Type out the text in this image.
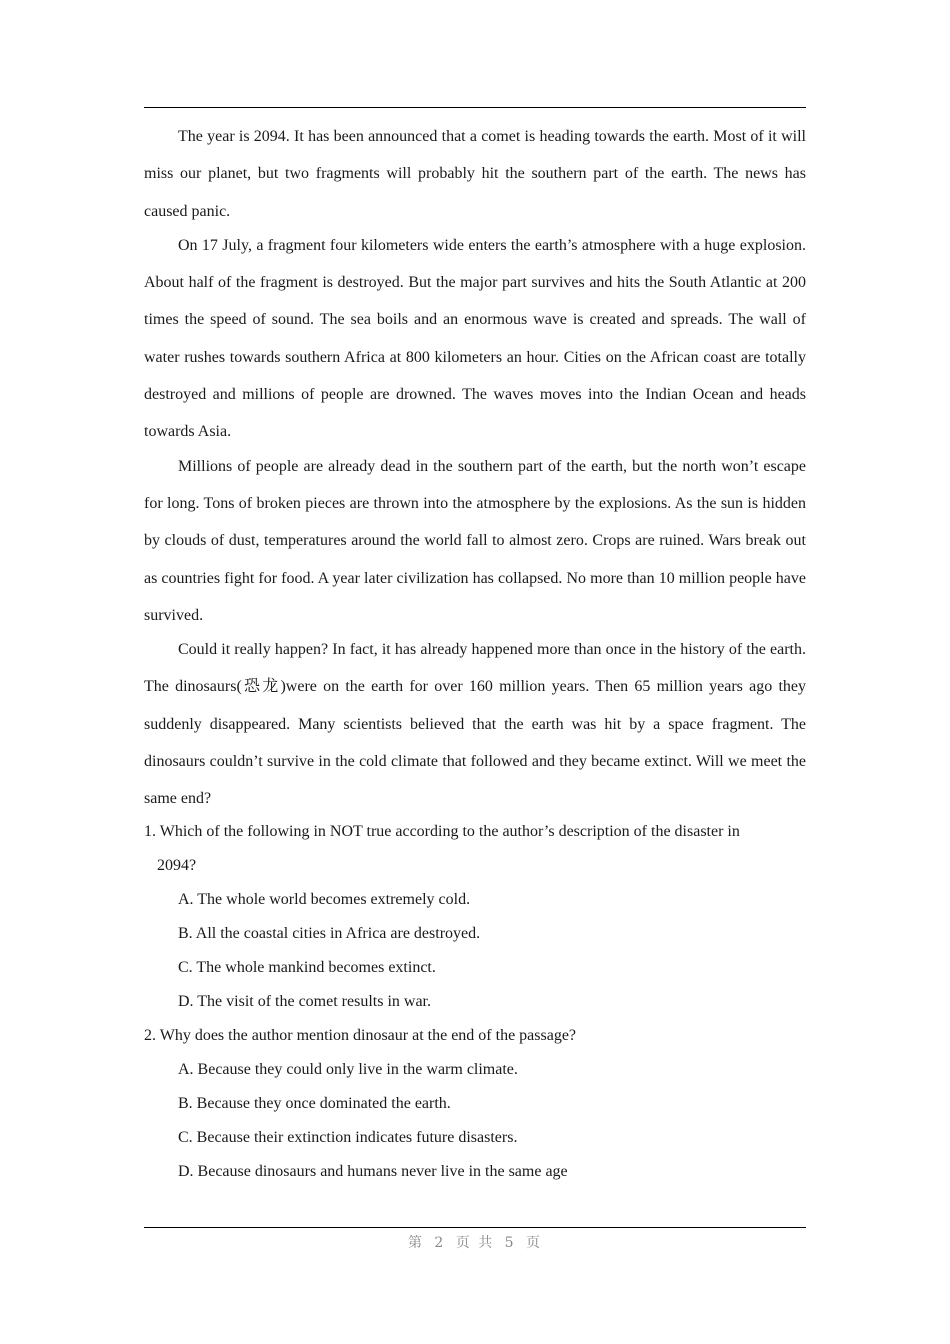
The year is 2094. It has been announced that a comet is heading towards the earth. Most of it will miss our planet, but two fragments will probably hit the southern part of the earth. The news has caused panic.

On 17 July, a fragment four kilometers wide enters the earth’s atmosphere with a huge explosion. About half of the fragment is destroyed. But the major part survives and hits the South Atlantic at 200 times the speed of sound. The sea boils and an enormous wave is created and spreads. The wall of water rushes towards southern Africa at 800 kilometers an hour. Cities on the African coast are totally destroyed and millions of people are drowned. The waves moves into the Indian Ocean and heads towards Asia.

Millions of people are already dead in the southern part of the earth, but the north won’t escape for long. Tons of broken pieces are thrown into the atmosphere by the explosions. As the sun is hidden by clouds of dust, temperatures around the world fall to almost zero. Crops are ruined. Wars break out as countries fight for food. A year later civilization has collapsed. No more than 10 million people have survived.

Could it really happen? In fact, it has already happened more than once in the history of the earth. The dinosaurs(恐龙)were on the earth for over 160 million years. Then 65 million years ago they suddenly disappeared. Many scientists believed that the earth was hit by a space fragment. The dinosaurs couldn’t survive in the cold climate that followed and they became extinct. Will we meet the same end?

1. Which of the following in NOT true according to the author’s description of the disaster in 2094?

A. The whole world becomes extremely cold.

B. All the coastal cities in Africa are destroyed.

C. The whole mankind becomes extinct.

D. The visit of the comet results in war.

2. Why does the author mention dinosaur at the end of the passage?

A. Because they could only live in the warm climate.

B. Because they once dominated the earth.

C. Because their extinction indicates future disasters.

D. Because dinosaurs and humans never live in the same age

第 2 页 共 5 页
